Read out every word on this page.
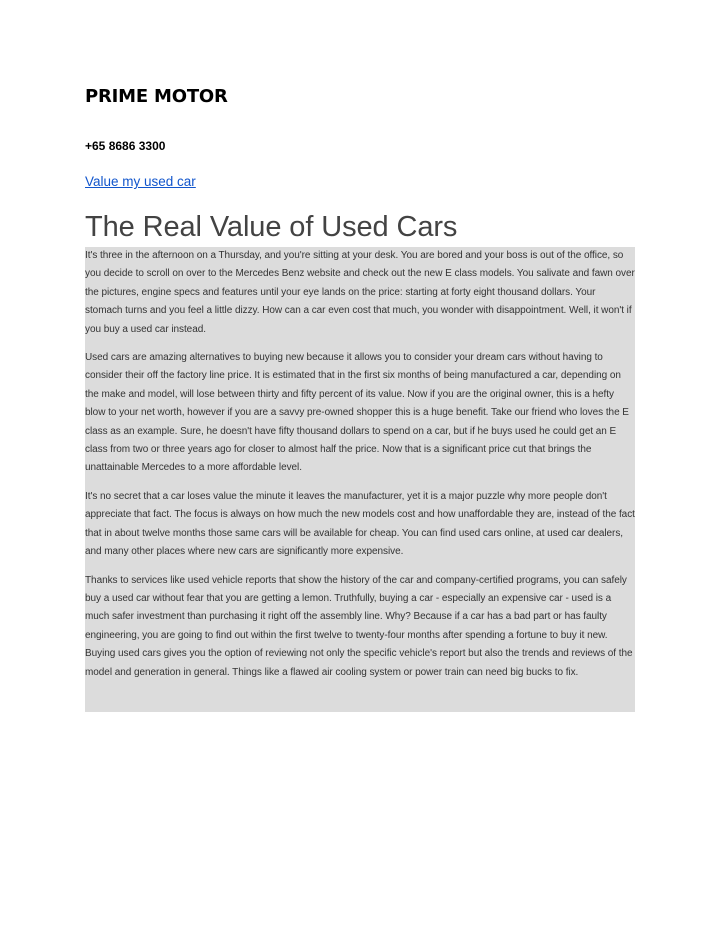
PRIME MOTOR
+65 8686 3300
Value my used car
The Real Value of Used Cars

It's three in the afternoon on a Thursday, and you're sitting at your desk. You are bored and your boss is out of the office, so you decide to scroll on over to the Mercedes Benz website and check out the new E class models. You salivate and fawn over the pictures, engine specs and features until your eye lands on the price: starting at forty eight thousand dollars. Your stomach turns and you feel a little dizzy. How can a car even cost that much, you wonder with disappointment. Well, it won't if you buy a used car instead.

Used cars are amazing alternatives to buying new because it allows you to consider your dream cars without having to consider their off the factory line price. It is estimated that in the first six months of being manufactured a car, depending on the make and model, will lose between thirty and fifty percent of its value. Now if you are the original owner, this is a hefty blow to your net worth, however if you are a savvy pre-owned shopper this is a huge benefit. Take our friend who loves the E class as an example. Sure, he doesn't have fifty thousand dollars to spend on a car, but if he buys used he could get an E class from two or three years ago for closer to almost half the price. Now that is a significant price cut that brings the unattainable Mercedes to a more affordable level.

It's no secret that a car loses value the minute it leaves the manufacturer, yet it is a major puzzle why more people don't appreciate that fact. The focus is always on how much the new models cost and how unaffordable they are, instead of the fact that in about twelve months those same cars will be available for cheap. You can find used cars online, at used car dealers, and many other places where new cars are significantly more expensive.

Thanks to services like used vehicle reports that show the history of the car and company-certified programs, you can safely buy a used car without fear that you are getting a lemon. Truthfully, buying a car - especially an expensive car - used is a much safer investment than purchasing it right off the assembly line. Why? Because if a car has a bad part or has faulty engineering, you are going to find out within the first twelve to twenty-four months after spending a fortune to buy it new. Buying used cars gives you the option of reviewing not only the specific vehicle's report but also the trends and reviews of the model and generation in general. Things like a flawed air cooling system or power train can need big bucks to fix.
